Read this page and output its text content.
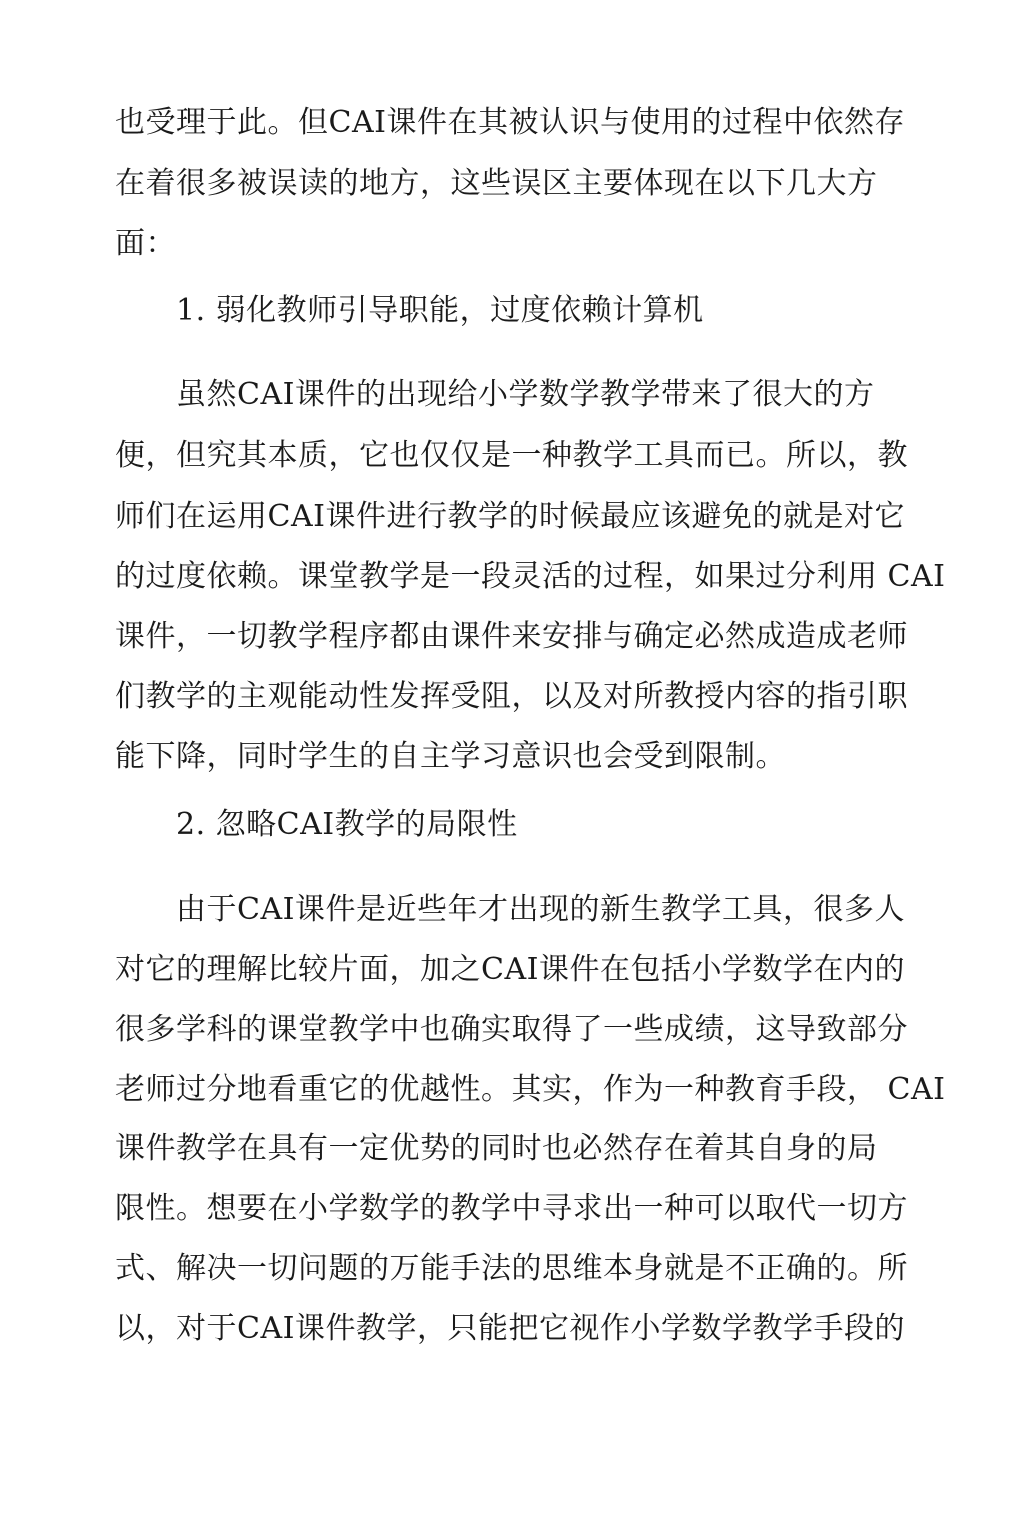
也受理于此。但CAI课件在其被认识与使用的过程中依然存
在着很多被误读的地方，这些误区主要体现在以下几大方
面：
1. 弱化教师引导职能，过度依赖计算机
虽然CAI课件的出现给小学数学教学带来了很大的方
便，但究其本质，它也仅仅是一种教学工具而已。所以，教
师们在运用CAI课件进行教学的时候最应该避免的就是对它
的过度依赖。课堂教学是一段灵活的过程，如果过分利用 CAI
课件，一切教学程序都由课件来安排与确定必然成造成老师
们教学的主观能动性发挥受阻，以及对所教授内容的指引职
能下降，同时学生的自主学习意识也会受到限制。
2. 忽略CAI教学的局限性
由于CAI课件是近些年才出现的新生教学工具，很多人
对它的理解比较片面，加之CAI课件在包括小学数学在内的
很多学科的课堂教学中也确实取得了一些成绩，这导致部分
老师过分地看重它的优越性。其实，作为一种教育手段， CAI
课件教学在具有一定优势的同时也必然存在着其自身的局
限性。想要在小学数学的教学中寻求出一种可以取代一切方
式、解决一切问题的万能手法的思维本身就是不正确的。所
以，对于CAI课件教学，只能把它视作小学数学教学手段的
